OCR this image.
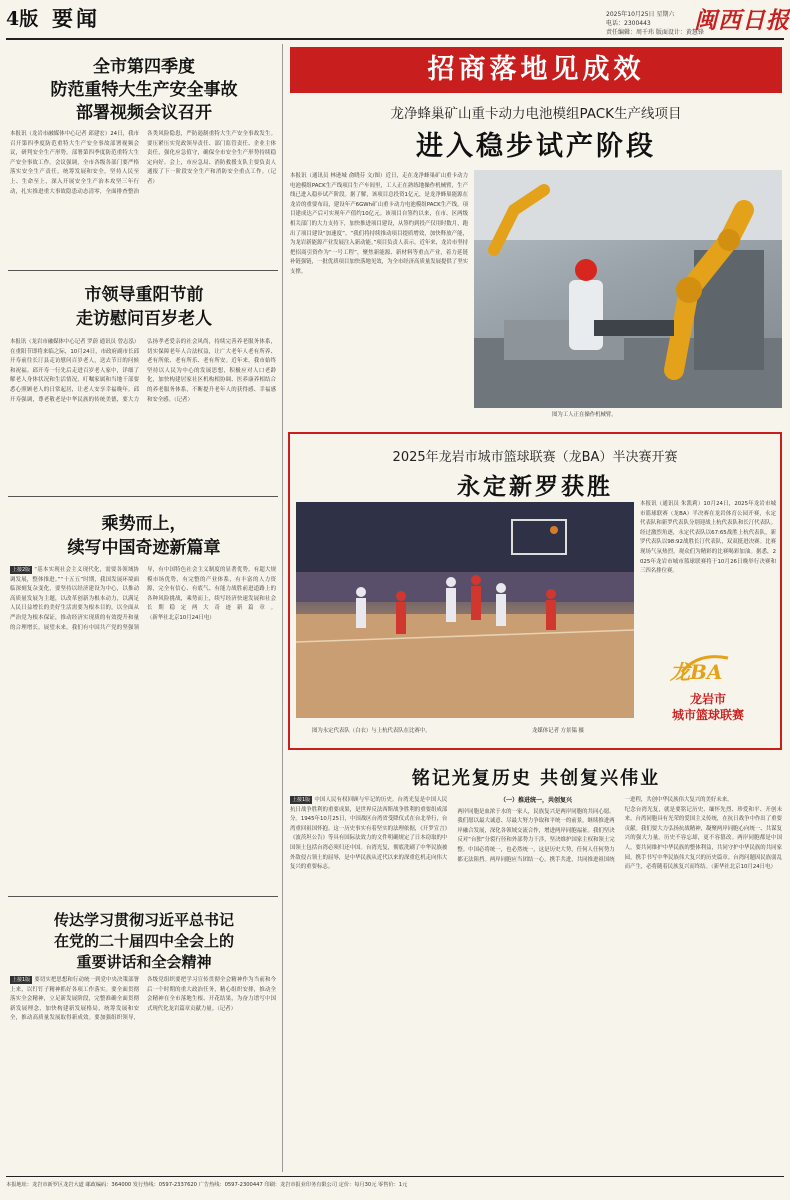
4版 要闻	2025年10月25日 星期六
电话：2300443
责任编辑：周千玮 版面设计：黄慧锋
闽西日报
全市第四季度
防范重特大生产安全事故
部署视频会议召开
本报讯（龙岩市融媒体中心记者 邱建宏）24日，我市召开第四季度防范重特大生产安全事故部署视频会议，研判安全生产形势，部署第四季度防范重特大生产安全事故工作。会议强调，全市各级各部门要严格落实安全生产责任，统筹发展和安全，坚持人民至上、生命至上，深入开展安全生产治本攻坚三年行动，扎实推进重大事故隐患动态清零，全面排查整治各类风险隐患，严防遏制重特大生产安全事故发生。要压紧压实党政领导责任、部门监管责任、企业主体责任，强化应急值守，确保全市安全生产形势持续稳定向好。会上，市应急局、消防救援支队主要负责人通报了下一阶段安全生产和消防安全重点工作。（记者）
市领导重阳节前
走访慰问百岁老人
本报讯（龙岩市融媒体中心记者 罗蔚 通讯员 曾志泓）在重阳节即将来临之际，10月24日，市政府副市长邱开寿前往长汀县走访慰问百岁老人，送去节日的问候和祝福。邱开寿一行先后走进百岁老人家中，详细了解老人身体状况和生活情况，叮嘱家属和当地干部要悉心照顾老人的日常起居，让老人安享幸福晚年。邱开寿强调，尊老敬老是中华民族的传统美德，要大力弘扬孝老爱亲的社会风尚，持续完善养老服务体系，切实保障老年人合法权益，让广大老年人老有所养、老有所依、老有所乐、老有所安。近年来，我市始终坚持以人民为中心的发展思想，积极应对人口老龄化，加快构建居家社区机构相协调、医养康养相结合的养老服务体系，不断提升老年人的获得感、幸福感和安全感。（记者）
乘势而上，
续写中国奇迹新篇章
上接2版 “基本实现社会主义现代化，需要各领域协调发展，整体推进。”“十五五”时期，我国发展环境面临深刻复杂变化，要坚持以经济建设为中心，以推动高质量发展为主题，以改革创新为根本动力，以满足人民日益增长的美好生活需要为根本目的，以全面从严治党为根本保证，推动经济实现质的有效提升和量的合理增长。展望未来，我们有中国共产党的坚强领导，有中国特色社会主义制度的显著优势，有超大规模市场优势，有完整的产业体系，有丰富的人力资源，完全有信心、有底气、有能力战胜前进道路上的各种风险挑战，乘势而上，续写经济快速发展和社会长期稳定两大奇迹新篇章。（新华社北京10月24日电）
传达学习贯彻习近平总书记
在党的二十届四中全会上的
重要讲话和全会精神
上接1版 要切实把思想和行动统一到党中央决策部署上来，以钉钉子精神抓好各项工作落实。要全面贯彻落实全会精神，立足新发展阶段，完整准确全面贯彻新发展理念，加快构建新发展格局，统筹发展和安全，推动高质量发展取得新成效。要加强组织领导，各级党组织要把学习宣传贯彻全会精神作为当前和今后一个时期的重大政治任务，精心组织安排，推动全会精神在全市落地生根、开花结果，为奋力谱写中国式现代化龙岩篇章贡献力量。（记者）
招商落地见成效
龙净蜂巢矿山重卡动力电池模组PACK生产线项目
进入稳步试产阶段
本报讯（通讯员 林逊城 俞晓芬 文/图）近日，走在龙净蜂巢矿山重卡动力电池模组PACK生产线项目生产车间里，工人正在熟练地操作机械臂，生产线已进入稳步试产阶段。据了解，该项目总投资1亿元，是龙净蜂巢能源在龙岩的重要布局，建设年产6GWh矿山重卡动力电池模组PACK生产线，项目建成达产后可实现年产值约10亿元。该项目自签约以来，在市、区两级相关部门的大力支持下，加快推进项目建设，从签约到投产仅用时数月，跑出了项目建设“加速度”。“我们将持续推动项目提质增效，加快释放产能，为龙岩新能源产业发展注入新动能。”项目负责人表示。近年来，龙岩市坚持把招商引资作为“一号工程”，聚焦新能源、新材料等重点产业，着力延链补链强链，一批优质项目加快落地见效，为全市经济高质量发展提供了坚实支撑。
图为工人正在操作机械臂。
2025年龙岩市城市篮球联赛（龙BA）半决赛开赛
永定新罗获胜
图为永定代表队（白衣）与上杭代表队在比赛中。	龙媒体记者 方景韫 摄
本报讯（通讯员 朱凯莉）10月24日，2025年龙岩市城市篮球联赛（龙BA）半决赛在龙岩体育公园开赛，永定代表队和新罗代表队分别迎战上杭代表队和长汀代表队。经过激烈角逐，永定代表队以67:65战胜上杭代表队，新罗代表队以98:92战胜长汀代表队，双双挺进决赛。比赛现场气氛热烈，观众们为精彩的比赛喝彩加油。据悉，2025年龙岩市城市篮球联赛将于10月26日晚举行决赛和三四名排位赛。
龙BA
龙岩市
城市篮球联赛
铭记光复历史 共创复兴伟业
上接1版 中国人民有权回顾与牢记的历史。台湾光复是中国人民抗日战争胜利的重要成果，是世界反法西斯战争胜利的重要组成部分。1945年10月25日，中国战区台湾省受降仪式在台北举行，台湾重回祖国怀抱。这一历史事实有着坚实的法理依据，《开罗宣言》《波茨坦公告》等具有国际法效力的文件明确规定了日本窃取的中国领土包括台湾必须归还中国。台湾光复，彻底洗刷了中华民族被外敌侵占领土的屈辱，是中华民族从近代以来的深重危机走向伟大复兴的重要标志。

（一）推进统一，共创复兴
两岸同胞是血浓于水的一家人，民族复兴是两岸同胞的共同心愿。我们愿以最大诚意、尽最大努力争取和平统一的前景，继续推进两岸融合发展，深化各领域交流合作，增进两岸同胞福祉。我们坚决反对“台独”分裂行径和外部势力干涉，坚决维护国家主权和领土完整。中国必将统一，也必然统一，这是历史大势，任何人任何势力都无法阻挡。两岸同胞应当团结一心，携手共进，共同推进祖国统一进程，共创中华民族伟大复兴的美好未来。
纪念台湾光复，就是要铭记历史、缅怀先烈、珍爱和平、开创未来。台湾同胞具有光荣的爱国主义传统，在抗日战争中作出了重要贡献。我们要大力弘扬抗战精神，凝聚两岸同胞心向统一、共谋复兴的强大力量。历史不容忘却，更不容篡改。两岸同胞都是中国人，要共同维护中华民族的整体利益，共同守护中华民族的共同家园，携手书写中华民族伟大复兴的历史篇章。台湾问题因民族弱乱而产生，必将随着民族复兴而终结。（新华社北京10月24日电）
本报地址：龙岩市新罗区龙岩大道 邮政编码：364000 发行热线：0597-2337620 广告热线：0597-2300447 印刷：龙岩市报业印务有限公司 定价：每月30元 零售价：1元
